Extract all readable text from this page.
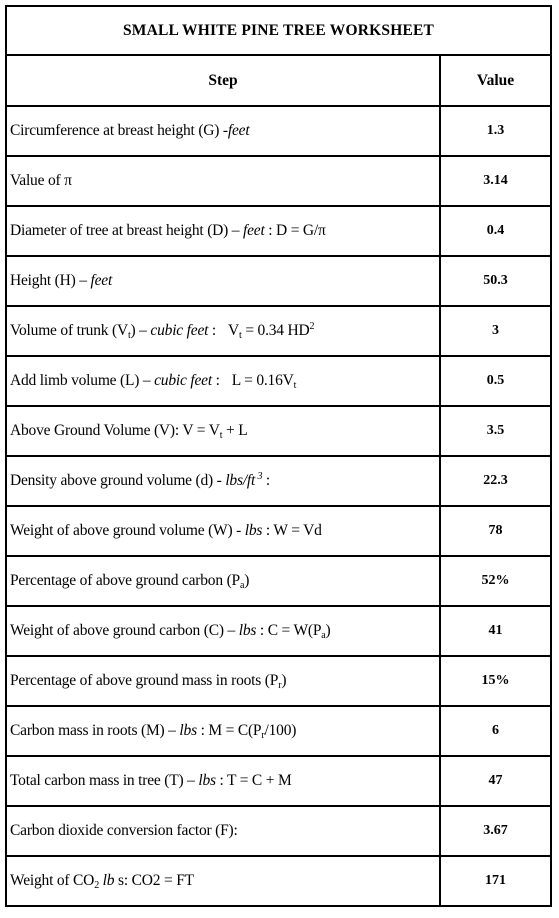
SMALL WHITE PINE TREE WORKSHEET	
Step	Value
Circumference at breast height (G) -feet	1.3
Value of π	3.14
Diameter of tree at breast height (D) – feet : D = G/π	0.4
Height (H) – feet	50.3
Volume of trunk $(V_t)$ – cubic feet : $V_t = 0.34$ $HD^2$	3
Add limb volume (L) – cubic feet : $L = 0.16V_t$	0.5
Above Ground Volume (V): $V = V_t + L$	3.5
Density above ground volume (d) - lbs/ft $^3$ :	22.3
Weight of above ground volume (W) - lbs : W = Vd	78
Percentage of above ground carbon $(P_a)$	52%
Weight of above ground carbon (C) – lbs : $C = W(P_a)$	41
Percentage of above ground mass in roots $(P_r)$	15%
Carbon mass in roots (M) – lbs : $M = C(P_r/100)$	6
Total carbon mass in tree (T) – lbs : T = C + M	47
Carbon dioxide conversion factor (F):	3.67
Weight of $CO_2$ lb s: CO2 = FT	171
